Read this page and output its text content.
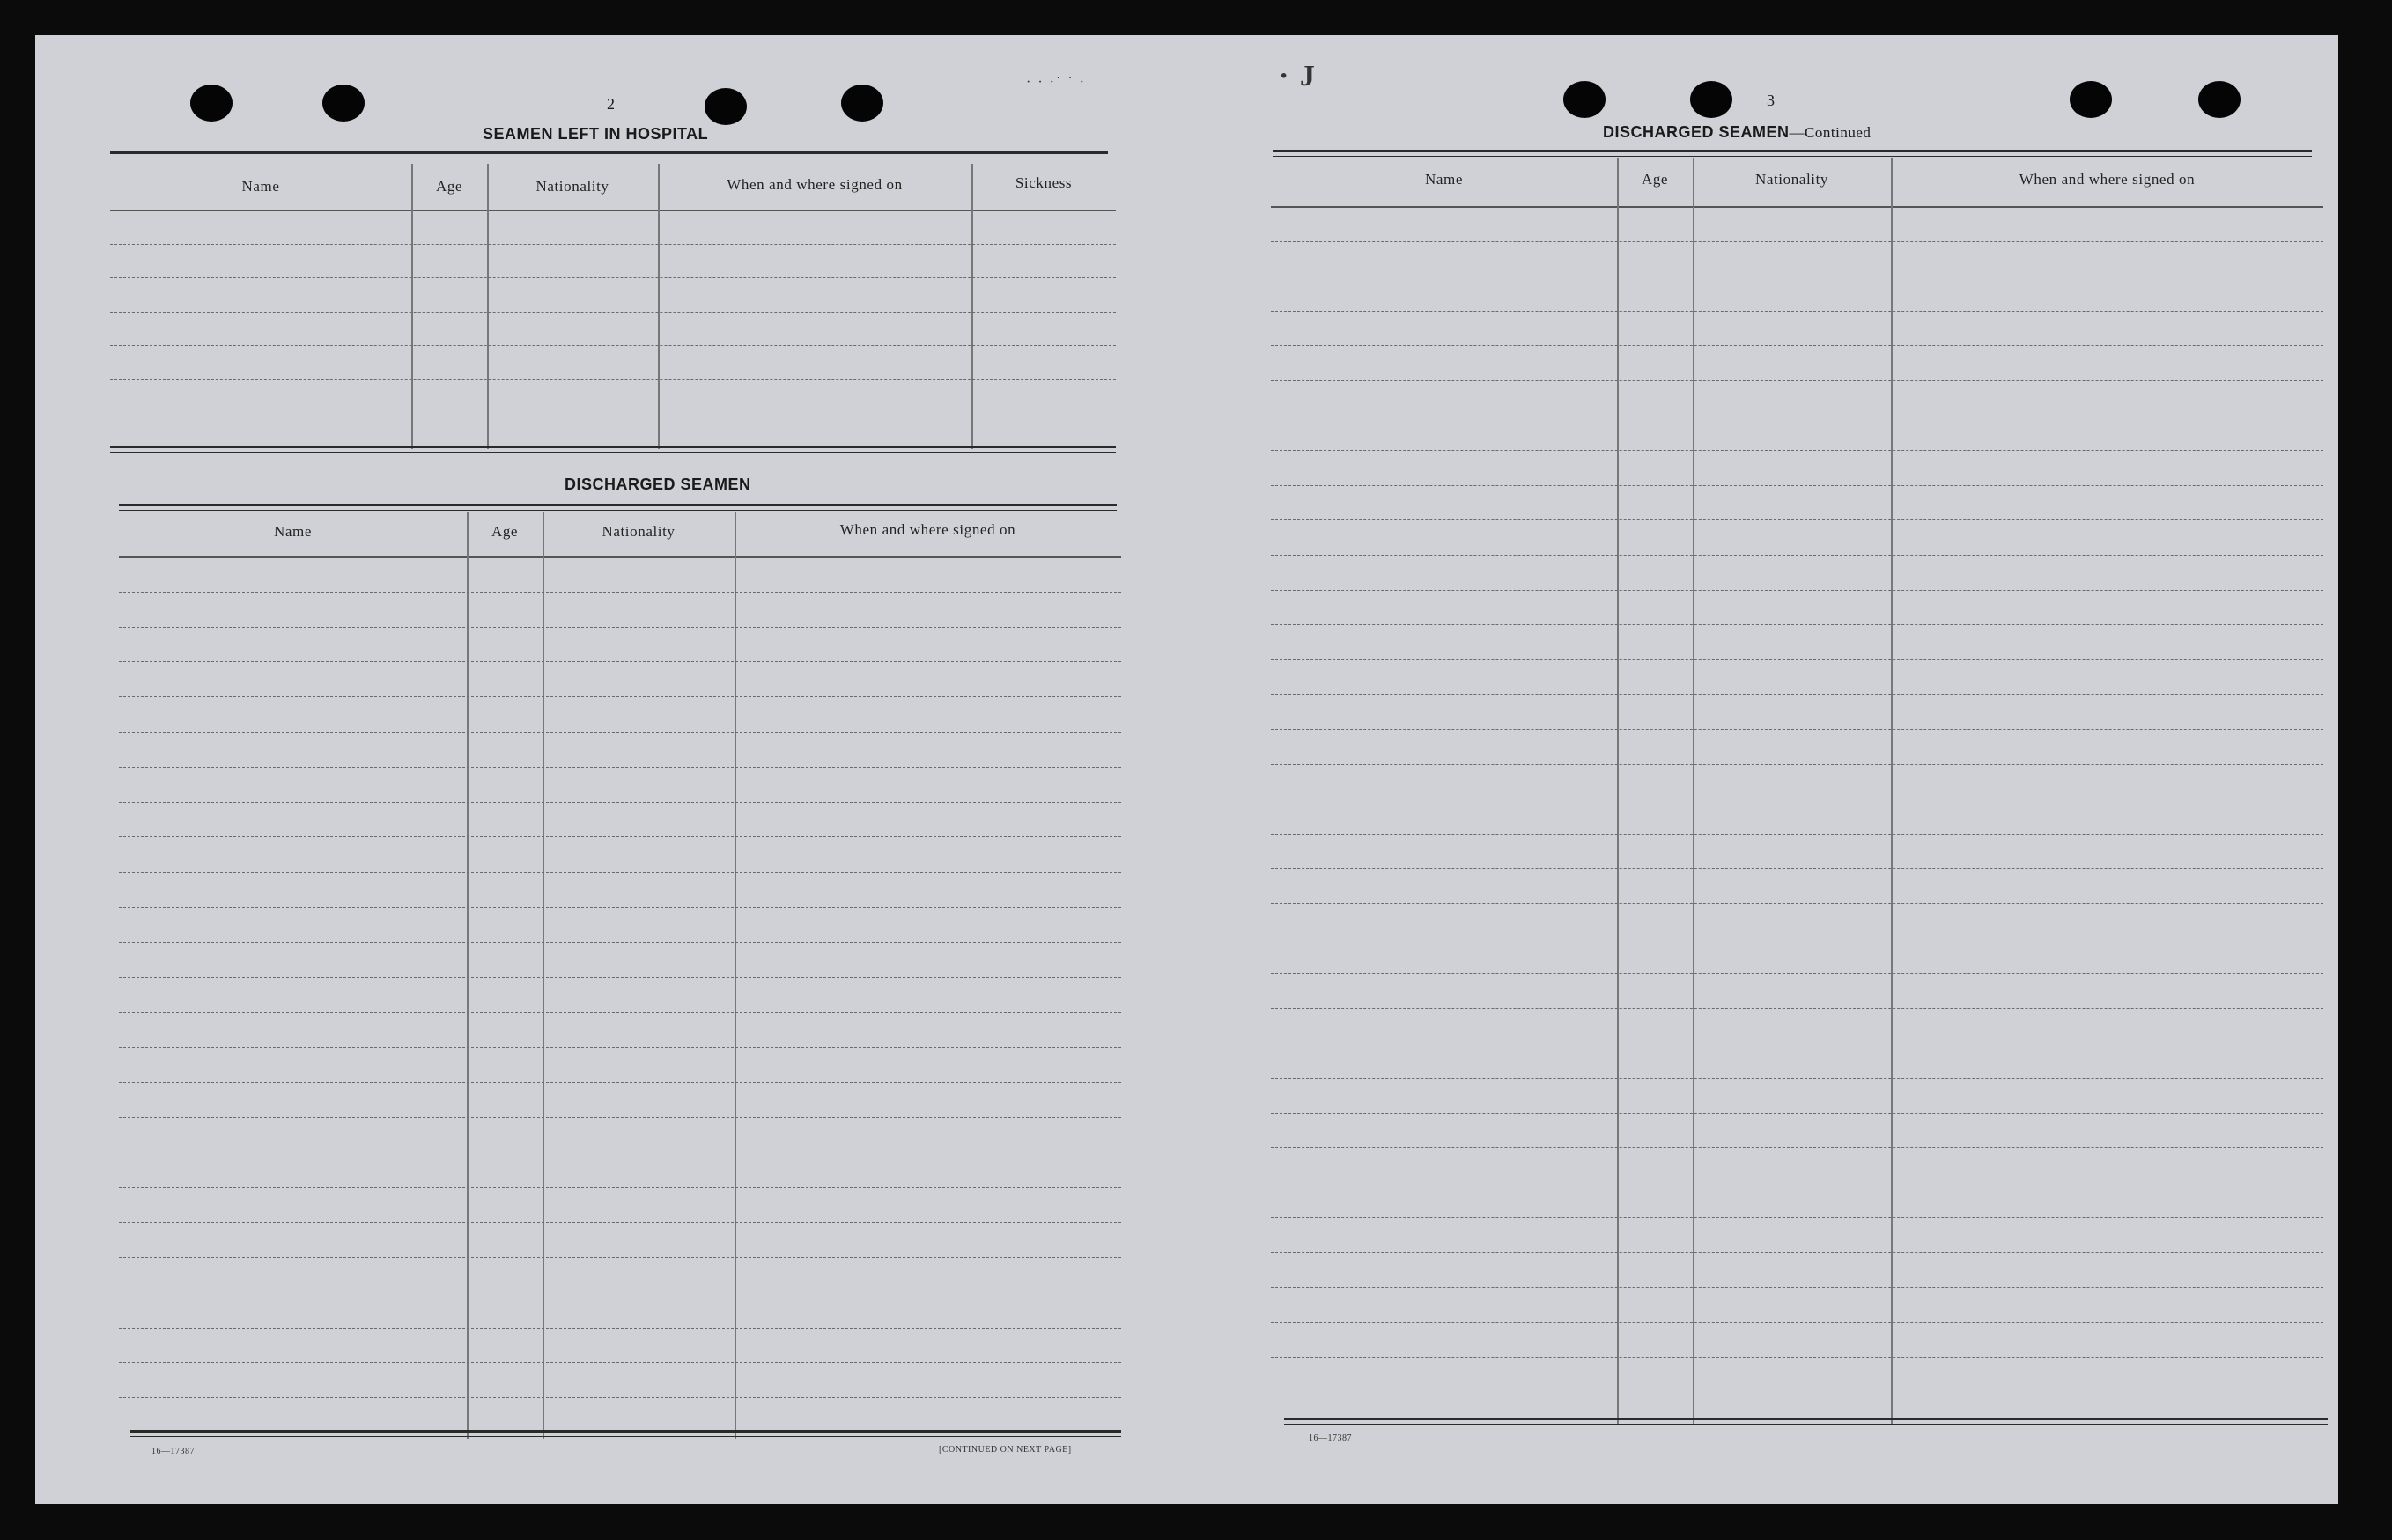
· · ·˙ ˙ ·	· J
2
SEAMEN LEFT IN HOSPITAL
Name	Age	Nationality	When and where signed on	Sickness
DISCHARGED SEAMEN
Name	Age	Nationality	When and where signed on
16—17387	[CONTINUED ON NEXT PAGE]
3
DISCHARGED SEAMEN—Continued
Name	Age	Nationality	When and where signed on
16—17387
